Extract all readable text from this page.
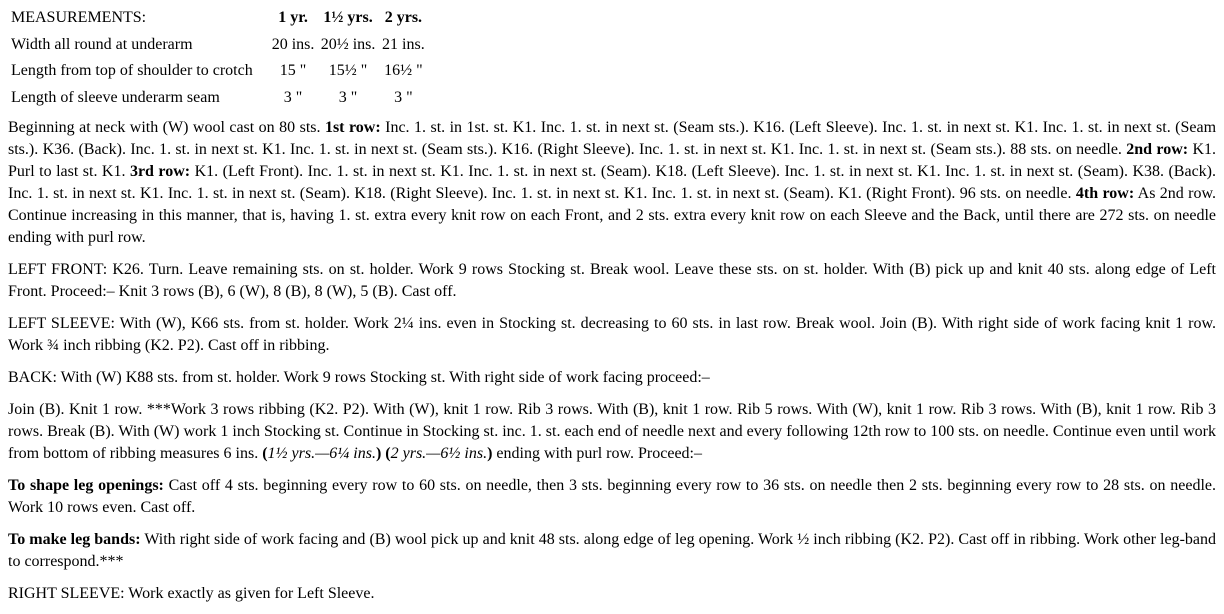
MEASUREMENTS:	1 yr.	1½ yrs.	2 yrs.
Width all round at underarm	20 ins.	20½ ins.	21 ins.
Length from top of shoulder to crotch	15 "	15½ "	16½ "
Length of sleeve underarm seam	3 "	3 "	3 "

Beginning at neck with (W) wool cast on 80 sts. 1st row: Inc. 1. st. in 1st. st. K1. Inc. 1. st. in next st. (Seam sts.). K16. (Left Sleeve). Inc. 1. st. in next st. K1. Inc. 1. st. in next st. (Seam sts.). K36. (Back). Inc. 1. st. in next st. K1. Inc. 1. st. in next st. (Seam sts.). K16. (Right Sleeve). Inc. 1. st. in next st. K1. Inc. 1. st. in next st. (Seam sts.). 88 sts. on needle. 2nd row: K1. Purl to last st. K1. 3rd row: K1. (Left Front). Inc. 1. st. in next st. K1. Inc. 1. st. in next st. (Seam). K18. (Left Sleeve). Inc. 1. st. in next st. K1. Inc. 1. st. in next st. (Seam). K38. (Back). Inc. 1. st. in next st. K1. Inc. 1. st. in next st. (Seam). K18. (Right Sleeve). Inc. 1. st. in next st. K1. Inc. 1. st. in next st. (Seam). K1. (Right Front). 96 sts. on needle. 4th row: As 2nd row. Continue increasing in this manner, that is, having 1. st. extra every knit row on each Front, and 2 sts. extra every knit row on each Sleeve and the Back, until there are 272 sts. on needle ending with purl row.

LEFT FRONT: K26. Turn. Leave remaining sts. on st. holder. Work 9 rows Stocking st. Break wool. Leave these sts. on st. holder. With (B) pick up and knit 40 sts. along edge of Left Front. Proceed:– Knit 3 rows (B), 6 (W), 8 (B), 8 (W), 5 (B). Cast off.

LEFT SLEEVE: With (W), K66 sts. from st. holder. Work 2¼ ins. even in Stocking st. decreasing to 60 sts. in last row. Break wool. Join (B). With right side of work facing knit 1 row. Work ¾ inch ribbing (K2. P2). Cast off in ribbing.

BACK: With (W) K88 sts. from st. holder. Work 9 rows Stocking st. With right side of work facing proceed:–

Join (B). Knit 1 row. ***Work 3 rows ribbing (K2. P2). With (W), knit 1 row. Rib 3 rows. With (B), knit 1 row. Rib 5 rows. With (W), knit 1 row. Rib 3 rows. With (B), knit 1 row. Rib 3 rows. Break (B). With (W) work 1 inch Stocking st. Continue in Stocking st. inc. 1. st. each end of needle next and every following 12th row to 100 sts. on needle. Continue even until work from bottom of ribbing measures 6 ins. (1½ yrs.—6¼ ins.) (2 yrs.—6½ ins.) ending with purl row. Proceed:–

To shape leg openings: Cast off 4 sts. beginning every row to 60 sts. on needle, then 3 sts. beginning every row to 36 sts. on needle then 2 sts. beginning every row to 28 sts. on needle. Work 10 rows even. Cast off.

To make leg bands: With right side of work facing and (B) wool pick up and knit 48 sts. along edge of leg opening. Work ½ inch ribbing (K2. P2). Cast off in ribbing. Work other leg-band to correspond.***

RIGHT SLEEVE: Work exactly as given for Left Sleeve.
